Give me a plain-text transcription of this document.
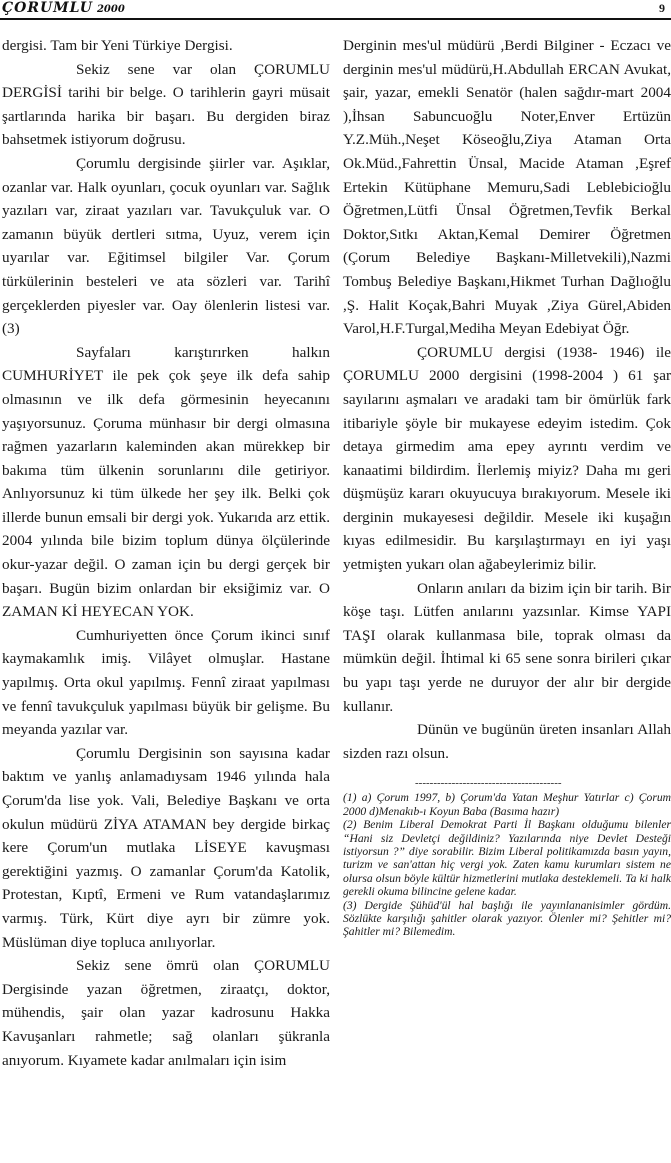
ÇORUMLU 2000	9

dergisi. Tam bir Yeni Türkiye Dergisi.

Sekiz sene var olan ÇORUMLU DERGİSİ tarihi bir belge. O tarihlerin gayri müsait şartlarında harika bir başarı. Bu dergiden biraz bahsetmek istiyorum doğrusu.

Çorumlu dergisinde şiirler var. Aşıklar, ozanlar var. Halk oyunları, çocuk oyunları var. Sağlık yazıları var, ziraat yazıları var. Tavukçuluk var. O zamanın büyük dertleri sıtma, Uyuz, verem için uyarılar var. Eğitimsel bilgiler Var. Çorum türkülerinin besteleri ve ata sözleri var. Tarihî gerçeklerden piyesler var. Oay ölenlerin listesi var. (3)

Sayfaları karıştırırken halkın CUMHURİYET ile pek çok şeye ilk defa sahip olmasının ve ilk defa görmesinin heyecanını yaşıyorsunuz. Çoruma münhasır bir dergi olmasına rağmen yazarların kaleminden akan mürekkep bir bakıma tüm ülkenin sorunlarını dile getiriyor. Anlıyorsunuz ki tüm ülkede her şey ilk. Belki çok illerde bunun emsali bir dergi yok. Yukarıda arz ettik. 2004 yılında bile bizim toplum dünya ölçülerinde okur-yazar değil. O zaman için bu dergi gerçek bir başarı. Bugün bizim onlardan bir eksiğimiz var. O ZAMAN Kİ HEYECAN YOK.

Cumhuriyetten önce Çorum ikinci sınıf kaymakamlık imiş. Vilâyet olmuşlar. Hastane yapılmış. Orta okul yapılmış. Fennî ziraat yapılması ve fennî tavukçuluk yapılması büyük bir gelişme. Bu meyanda yazılar var.

Çorumlu Dergisinin son sayısına kadar baktım ve yanlış anlamadıysam 1946 yılında hala Çorum'da lise yok. Vali, Belediye Başkanı ve orta okulun müdürü ZİYA ATAMAN bey dergide birkaç kere Çorum'un mutlaka LİSEYE kavuşması gerektiğini yazmış. O zamanlar Çorum'da Katolik, Protestan, Kıptî, Ermeni ve Rum vatandaşlarımız varmış. Türk, Kürt diye ayrı bir zümre yok. Müslüman diye topluca anılıyorlar.

Sekiz sene ömrü olan ÇORUMLU Dergisinde yazan öğretmen, ziraatçı, doktor, mühendis, şair olan yazar kadrosunu Hakka Kavuşanları rahmetle; sağ olanları şükranla anıyorum. Kıyamete kadar anılmaları için isim

Derginin mes'ul müdürü ,Berdi Bilginer - Eczacı ve derginin mes'ul müdürü,H.Abdullah ERCAN Avukat, şair, yazar, emekli Senatör (halen sağdır-mart 2004 ),İhsan Sabuncuoğlu Noter,Enver Ertüzün Y.Z.Müh.,Neşet Köseoğlu,Ziya Ataman Orta Ok.Müd.,Fahrettin Ünsal, Macide Ataman ,Eşref Ertekin Kütüphane Memuru,Sadi Leblebicioğlu Öğretmen,Lütfi Ünsal Öğretmen,Tevfik Berkal Doktor,Sıtkı Aktan,Kemal Demirer Öğretmen (Çorum Belediye Başkanı-Milletvekili),Nazmi Tombuş Belediye Başkanı,Hikmet Turhan Dağlıoğlu ,Ş. Halit Koçak,Bahri Muyak ,Ziya Gürel,Abiden Varol,H.F.Turgal,Mediha Meyan Edebiyat Öğr.

ÇORUMLU dergisi (1938- 1946) ile ÇORUMLU 2000 dergisini (1998-2004 ) 61 şar sayılarını aşmaları ve aradaki tam bir ömürlük fark itibariyle şöyle bir mukayese edeyim istedim. Çok detaya girmedim ama epey ayrıntı verdim ve kanaatimi bildirdim. İlerlemiş miyiz? Daha mı geri düşmüşüz kararı okuyucuya bırakıyorum. Mesele iki derginin mukayesesi değildir. Mesele iki kuşağın kıyas edilmesidir. Bu karşılaştırmayı en iyi yaşı yetmişten yukarı olan ağabeylerimiz bilir.

Onların anıları da bizim için bir tarih. Bir köşe taşı. Lütfen anılarını yazsınlar. Kimse YAPI TAŞI olarak kullanmasa bile, toprak olması da mümkün değil. İhtimal ki 65 sene sonra birileri çıkar bu yapı taşı yerde ne duruyor der alır bir dergide kullanır.

Dünün ve bugünün üreten insanları Allah sizden razı olsun.

----------------------------------------

(1) a) Çorum 1997, b) Çorum'da Yatan Meşhur Yatırlar c) Çorum 2000 d)Menakıb-ı Koyun Baba (Basıma hazır)

(2) Benim Liberal Demokrat Parti İl Başkanı olduğumu bilenler “Hani siz Devletçi değildiniz? Yazılarında niye Devlet Desteği istiyorsun ?” diye sorabilir. Bizim Liberal politikamızda basın yayın, turizm ve san'attan hiç vergi yok. Zaten kamu kurumları sistem ne olursa olsun böyle kültür hizmetlerini mutlaka desteklemeli. Ta ki halk gerekli okuma bilincine gelene kadar.

(3) Dergide Şühüd'ül hal başlığı ile yayınlananisimler gördüm. Sözlükte karşılığı şahitler olarak yazıyor. Ölenler mi? Şehitler mi? Şahitler mi? Bilemedim.
